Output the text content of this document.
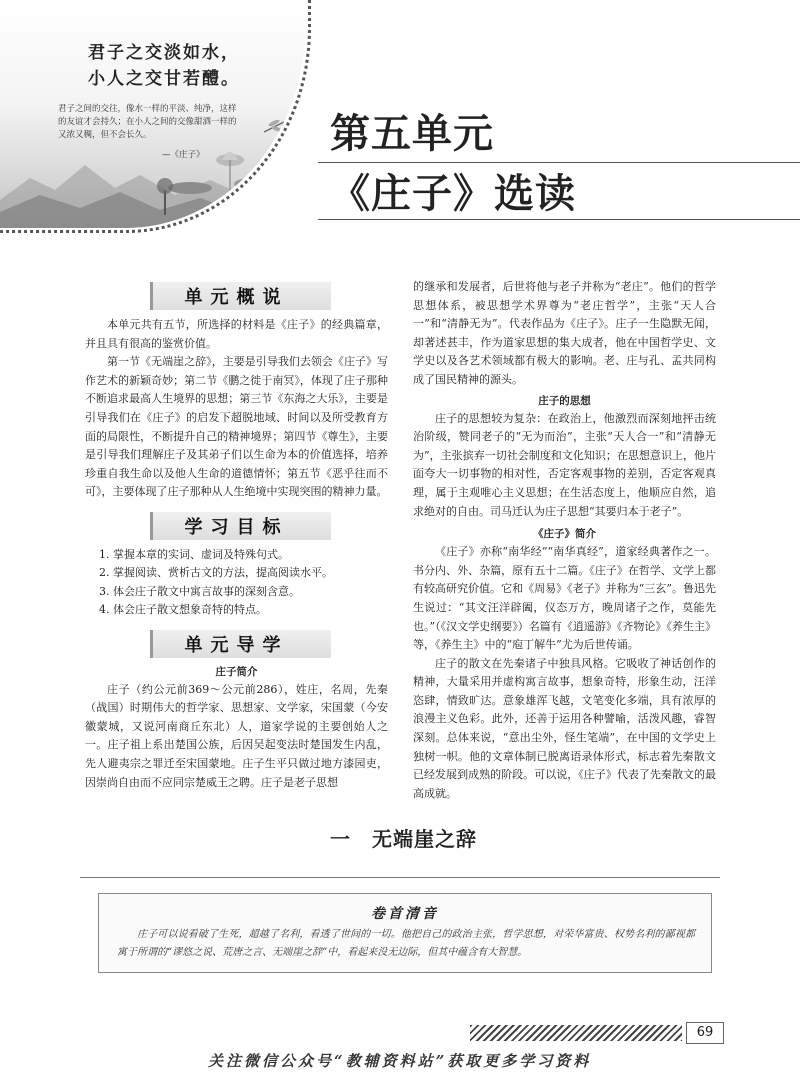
君子之交淡如水，
小人之交甘若醴。

君子之间的交往，像水一样的平淡、纯净，这样的友谊才会持久；在小人之间的交像甜酒一样的又浓又稠，但不会长久。

—《庄子》	第五单元
《庄子》选读
单元概说

本单元共有五节，所选择的材料是《庄子》的经典篇章，并且具有很高的鉴赏价值。

第一节《无端崖之辞》，主要是引导我们去领会《庄子》写作艺术的新颖奇妙；第二节《鹏之徙于南冥》，体现了庄子那种不断追求最高人生境界的思想；第三节《东海之大乐》，主要是引导我们在《庄子》的启发下超脱地域、时间以及所受教育方面的局限性，不断提升自己的精神境界；第四节《尊生》，主要是引导我们理解庄子及其弟子们以生命为本的价值选择，培养珍重自我生命以及他人生命的道德情怀；第五节《恶乎往而不可》，主要体现了庄子那种从人生绝境中实现突围的精神力量。

学习目标
1. 掌握本章的实词、虚词及特殊句式。
2. 掌握阅读、赏析古文的方法，提高阅读水平。
3. 体会庄子散文中寓言故事的深刻含意。
4. 体会庄子散文想象奇特的特点。
单元导学
庄子简介

庄子（约公元前369～公元前286），姓庄，名周，先秦（战国）时期伟大的哲学家、思想家、文学家，宋国蒙（今安徽蒙城，又说河南商丘东北）人，道家学说的主要创始人之一。庄子祖上系出楚国公族，后因吴起变法时楚国发生内乱，先人避夷宗之罪迁至宋国蒙地。庄子生平只做过地方漆园吏，因崇尚自由而不应同宗楚威王之聘。庄子是老子思想

的继承和发展者，后世将他与老子并称为“老庄”。他们的哲学思想体系，被思想学术界尊为“老庄哲学”，主张“天人合一”和“清静无为”。代表作品为《庄子》。庄子一生隐默无闻，却著述甚丰，作为道家思想的集大成者，他在中国哲学史、文学史以及各艺术领域都有极大的影响。老、庄与孔、孟共同构成了国民精神的源头。

庄子的思想

庄子的思想较为复杂：在政治上，他激烈而深刻地抨击统治阶级，赞同老子的“无为而治”，主张“天人合一”和“清静无为”，主张摈弃一切社会制度和文化知识；在思想意识上，他片面夸大一切事物的相对性，否定客观事物的差别，否定客观真理，属于主观唯心主义思想；在生活态度上，他顺应自然，追求绝对的自由。司马迁认为庄子思想“其要归本于老子”。

《庄子》简介

《庄子》亦称“南华经”“南华真经”，道家经典著作之一。书分内、外、杂篇，原有五十二篇。《庄子》在哲学、文学上都有较高研究价值。它和《周易》《老子》并称为“三玄”。鲁迅先生说过：“其文汪洋辟阖，仪态万方，晚周诸子之作，莫能先也。”（《汉文学史纲要》）名篇有《逍遥游》《齐物论》《养生主》等，《养生主》中的“庖丁解牛”尤为后世传诵。

庄子的散文在先秦诸子中独具风格。它吸收了神话创作的精神，大量采用并虚构寓言故事，想象奇特，形象生动，汪洋恣肆，情致旷达。意象雄浑飞越，文笔变化多端，具有浓厚的浪漫主义色彩。此外，还善于运用各种譬喻，活泼风趣，睿智深刻。总体来说，“意出尘外，怪生笔端”，在中国的文学史上独树一帜。他的文章体制已脱离语录体形式，标志着先秦散文已经发展到成熟的阶段。可以说，《庄子》代表了先秦散文的最高成就。

一　无端崖之辞
卷首清音

庄子可以说看破了生死，超越了名利，看透了世间的一切。他把自己的政治主张，哲学思想，对荣华富贵、权势名利的鄙视都寓于所谓的“谬悠之说、荒唐之言、无端崖之辞”中，看起来没无边际，但其中蕴含有大智慧。

69

关注微信公众号“教辅资料站”获取更多学习资料
